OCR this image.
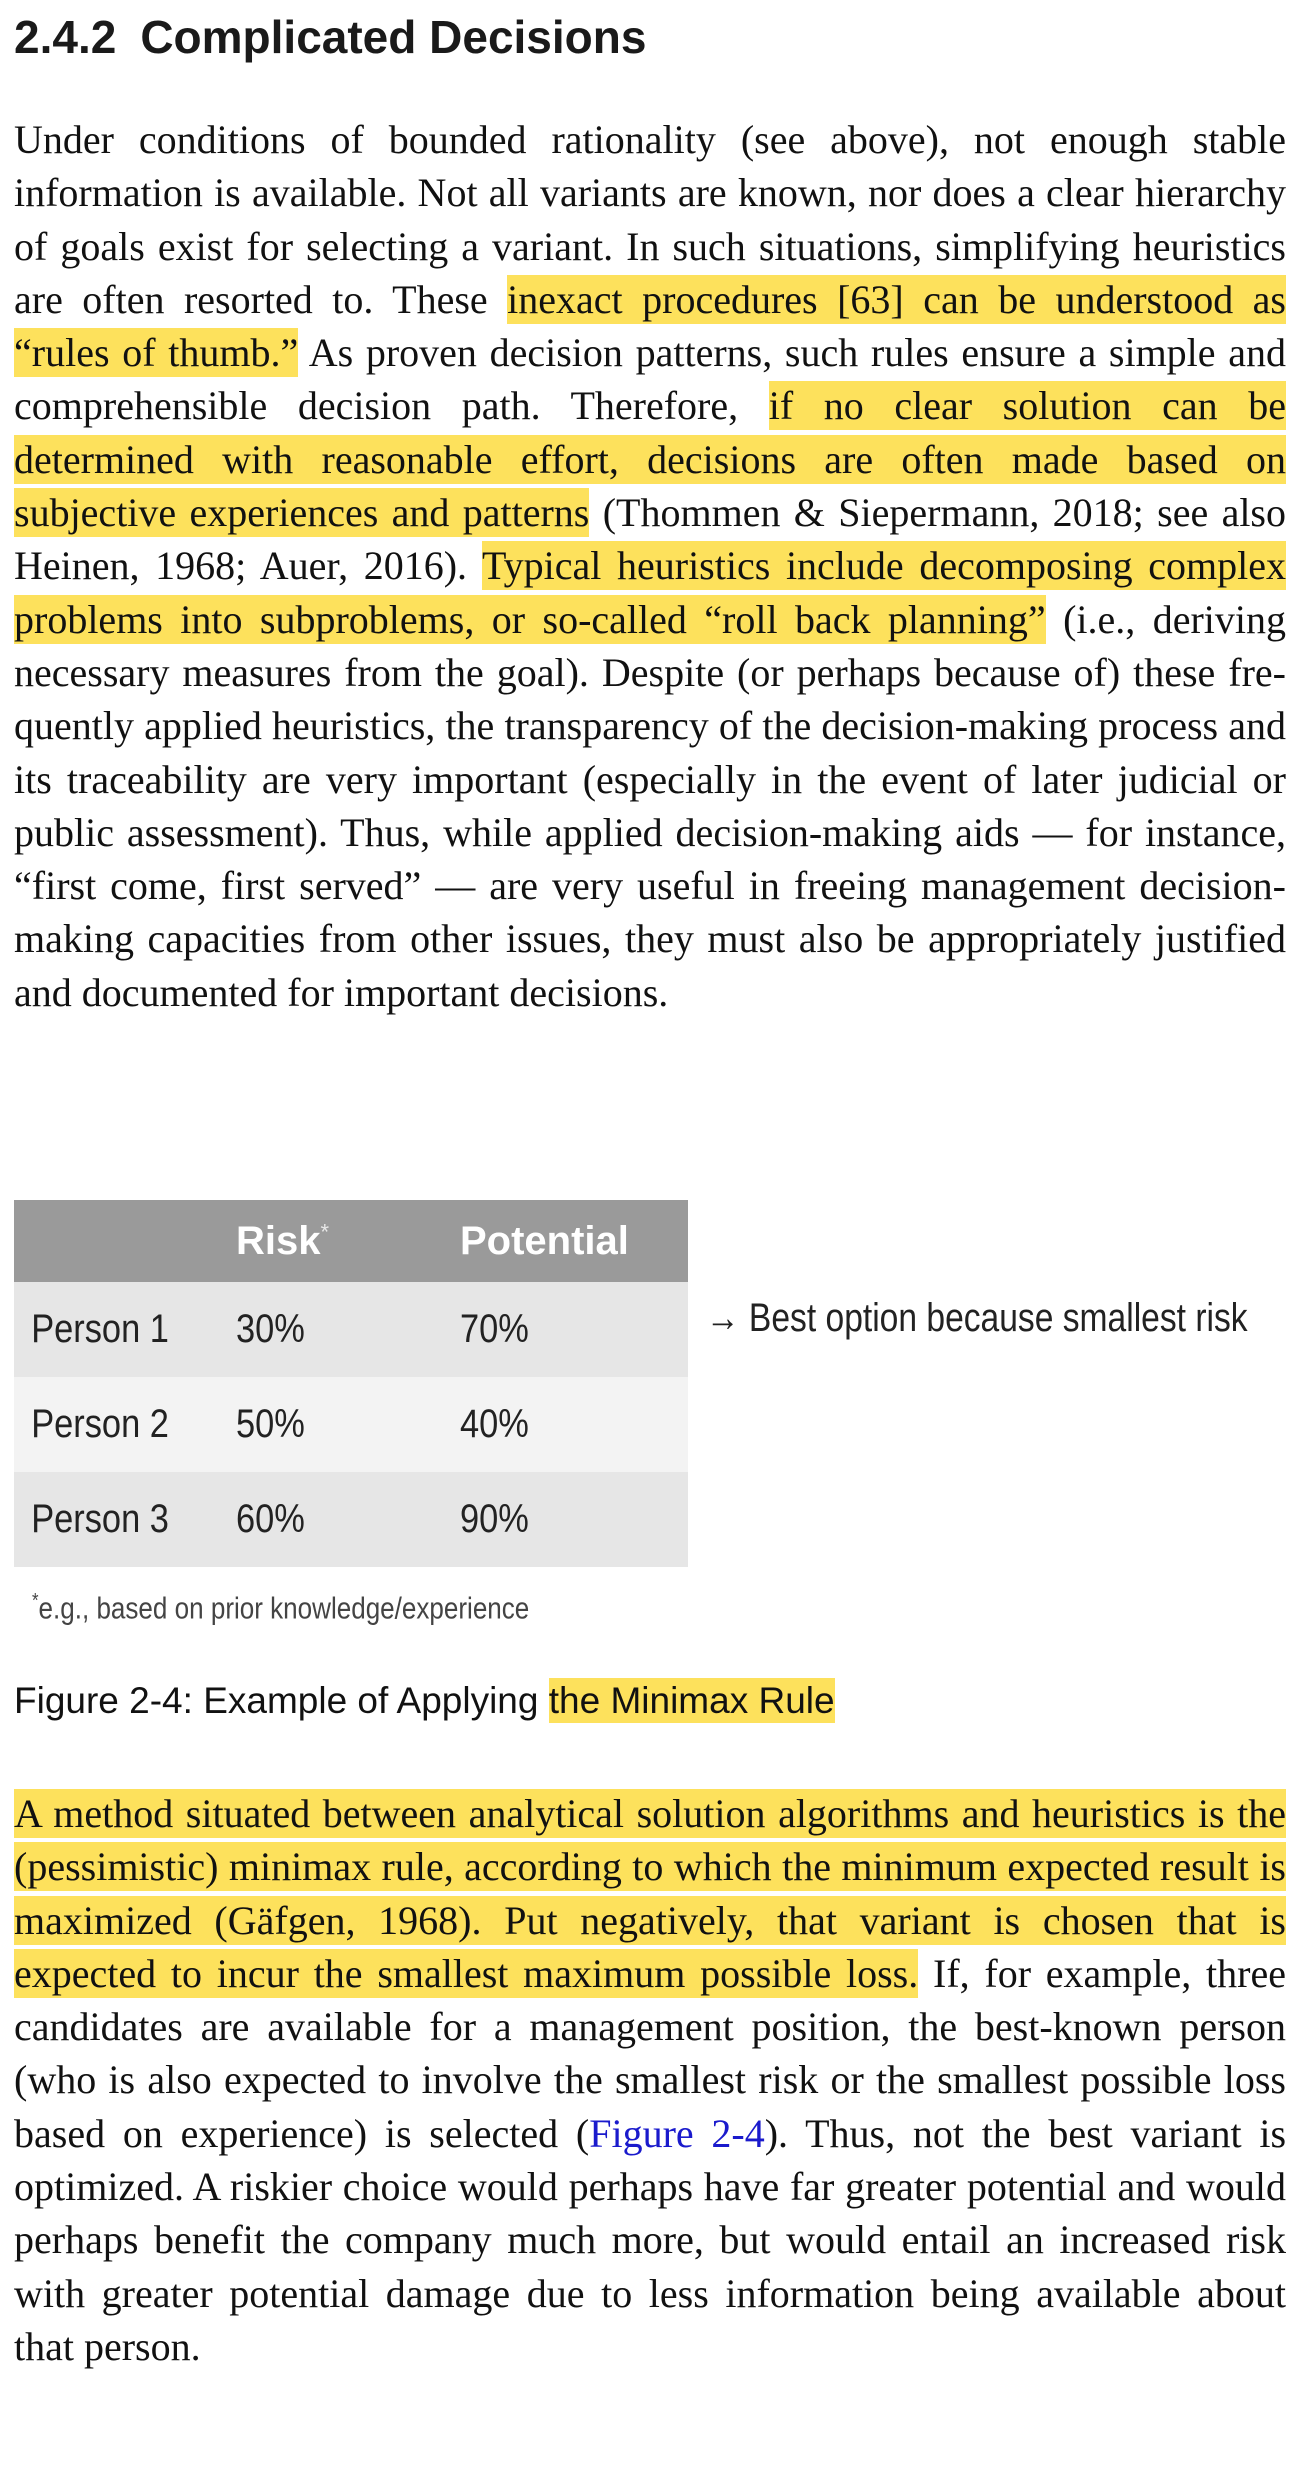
2.4.2 Complicated Decisions
Under conditions of bounded rationality (see above), not enough stable information is available. Not all variants are known, nor does a clear hierarchy of goals exist for selecting a variant. In such situations, simplifying heuristics are often resorted to. These inexact procedures [63] can be understood as “rules of thumb.” As proven decision patterns, such rules ensure a simple and comprehensible decision path. Therefore, if no clear solution can be determined with reasonable effort, decisions are often made based on subjective experiences and patterns (Thommen & Siepermann, 2018; see also Heinen, 1968; Auer, 2016). Typical heuristics include decomposing complex problems into subproblems, or so-called “roll back planning” (i.e., deriving necessary measures from the goal). Despite (or perhaps because of) these frequently applied heuristics, the transparency of the decision-making process and its traceability are very important (especially in the event of later judicial or public assessment). Thus, while applied decision-making aids — for instance, “first come, first served” — are very useful in freeing management decision-making capacities from other issues, they must also be appropriately justified and documented for important decisions.
	Risk*	Potential
Person 1	30%	70%
Person 2	50%	40%
Person 3	60%	90%
→ Best option because smallest risk
*e.g., based on prior knowledge/experience
Figure 2-4: Example of Applying the Minimax Rule
A method situated between analytical solution algorithms and heuristics is the (pessimistic) minimax rule, according to which the minimum expected result is maximized (Gäfgen, 1968). Put negatively, that variant is chosen that is expected to incur the smallest maximum possible loss. If, for example, three candidates are available for a management position, the best-known person (who is also expected to involve the smallest risk or the smallest possible loss based on experience) is selected (Figure 2-4). Thus, not the best variant is optimized. A riskier choice would perhaps have far greater potential and would perhaps benefit the company much more, but would entail an increased risk with greater potential damage due to less information being available about that person.
